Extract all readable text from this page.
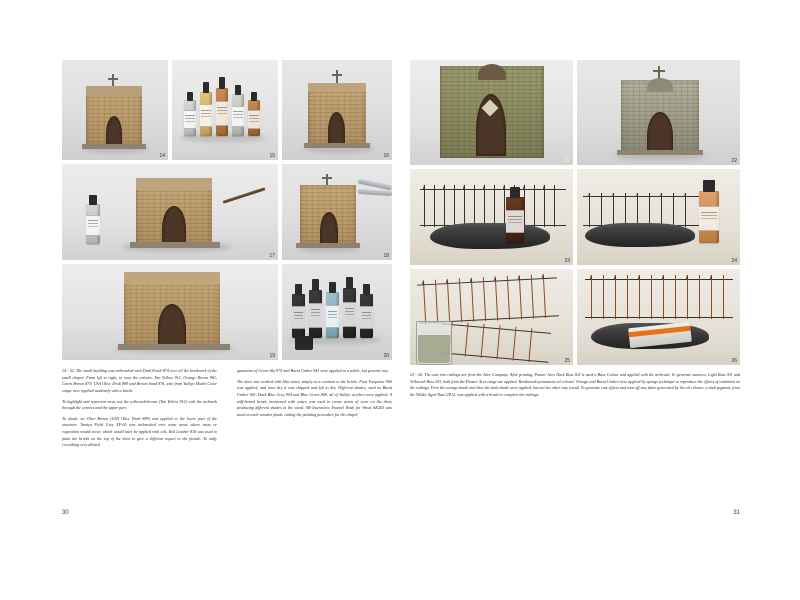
14	15	16
17	18
19	20

14 - 22. The small building was airbrushed with Dark Earth 874 over all the brickwork of the small chapel. From left to right, to vary the colours, Tan Yellow 912, Orange Brown 981, Green Brown 879, USA Olive Drab 889 and Brown Sand 876, also from Vallejo Model Color range were applied randomly with a brush.

To highlight and represent wear, use the yellowish-brown (Tan Yellow 912) with the airbrush through the corners and the upper part.

To shade, an Olive Brown (USA Olive Drab 889) was applied to the lower part of the structure. Tamiya Field Grey XF-65 was airbrushed over some areas where moss or vegetation would occur, which would later be applied with oils. Red Leather 818 was used to paint the bricks on the top of the door to give a different aspect to the facade. To unify everything very diluted

quantities of Green Sky 974 and Burnt Umber 941 were applied in a subtle, but general way.

The door was worked with blue tones, simply as a contrast to the bricks. First Turquoise 966 was applied, and once dry it was chipped and left to dry. Different shades, such as Burnt Umber 941, Dark Blue Grey 904 and Blue Green 808, all of Vallejo acrylics were applied. A stiff-haired brush, moistened with water, was used to create areas of wear on the door, producing different shades in the wood. AK-Interactive Enamel Wash for Wood AK263 was used on each wooden plank, ending the painting procedure for the chapel.

30
21	22
23	24
25	26

23 - 26. The cast iron railings are from the Aber Company. After priming, Panzer Aces Dark Rust 302 is used a Base Colour and applied with the airbrush. To generate nuances, Light Rust 301 and Yellowish Rust 303, both from the Panzer Aces range are applied. Rembrandt permanent oil colours' Orange and Burnt Umber were applied by sponge technique to reproduce the effects of oxidation on the railings. First the orange shade and then the dark shade were applied, but not the other way round. To generate rust effects and turn off any shine generated by the oil colours, a dark pigment, from the Wilder Aged Rust GP12, was applied with a brush to complete the railings.

31
